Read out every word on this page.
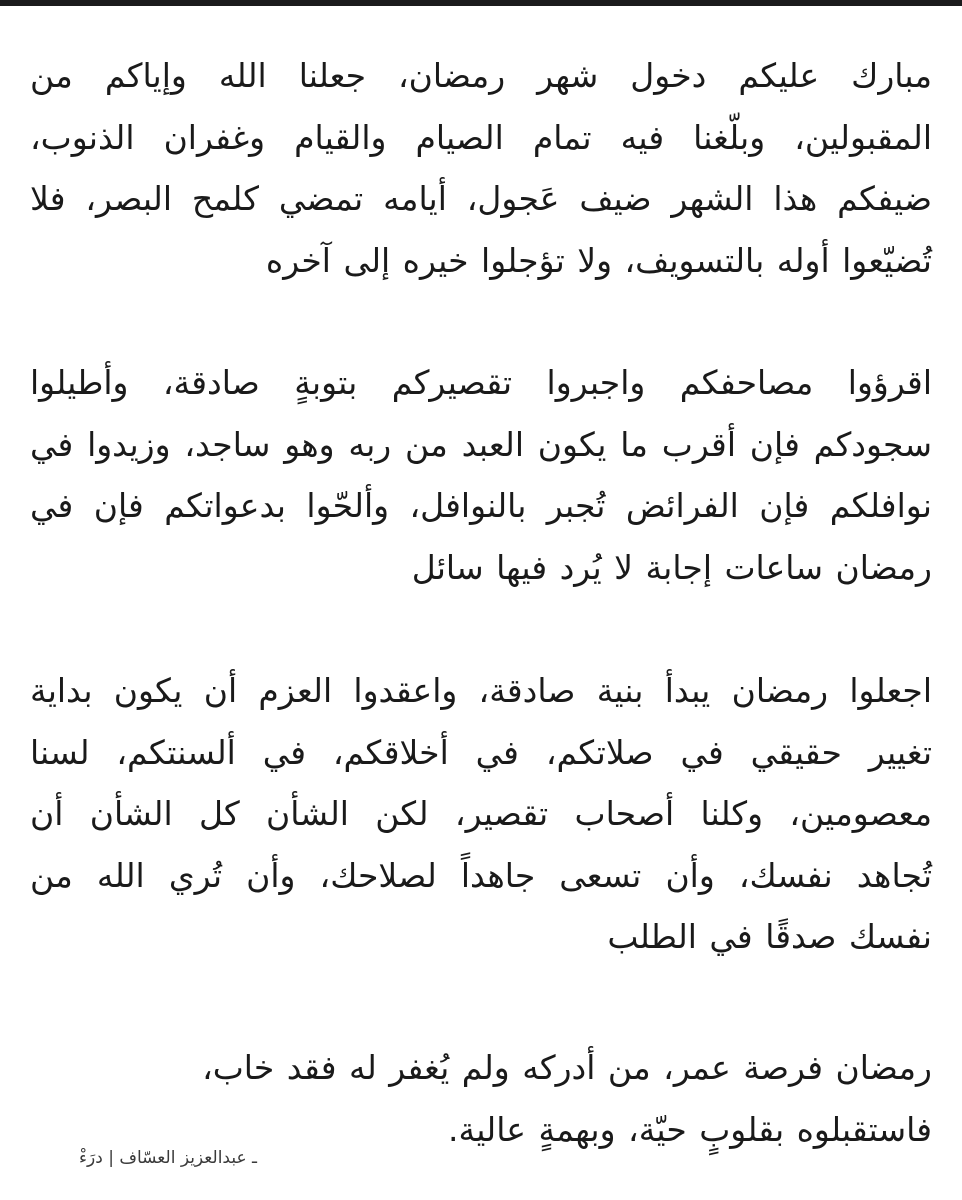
مبارك عليكم دخول شهر رمضان، جعلنا الله وإياكم من
المقبولين، وبلّغنا فيه تمام الصيام والقيام وغفران الذنوب،
ضيفكم هذا الشهر ضيف عَجول، أيامه تمضي كلمح البصر، فلا
تُضيّعوا أوله بالتسويف، ولا تؤجلوا خيره إلى آخره

اقرؤوا مصاحفكم واجبروا تقصيركم بتوبةٍ صادقة، وأطيلوا
سجودكم فإن أقرب ما يكون العبد من ربه وهو ساجد، وزيدوا في
نوافلكم فإن الفرائض تُجبر بالنوافل، وألحّوا بدعواتكم فإن في
رمضان ساعات إجابة لا يُرد فيها سائل

اجعلوا رمضان يبدأ بنية صادقة، واعقدوا العزم أن يكون بداية
تغيير حقيقي في صلاتكم، في أخلاقكم، في ألسنتكم، لسنا
معصومين، وكلنا أصحاب تقصير، لكن الشأن كل الشأن أن
تُجاهد نفسك، وأن تسعى جاهداً لصلاحك، وأن تُري الله من
نفسك صدقًا في الطلب

رمضان فرصة عمر، من أدركه ولم يُغفر له فقد خاب،
فاستقبلوه بقلوبٍ حيّة، وبهمةٍ عالية.

ـ عبدالعزيز العسّاف | درَءْ
